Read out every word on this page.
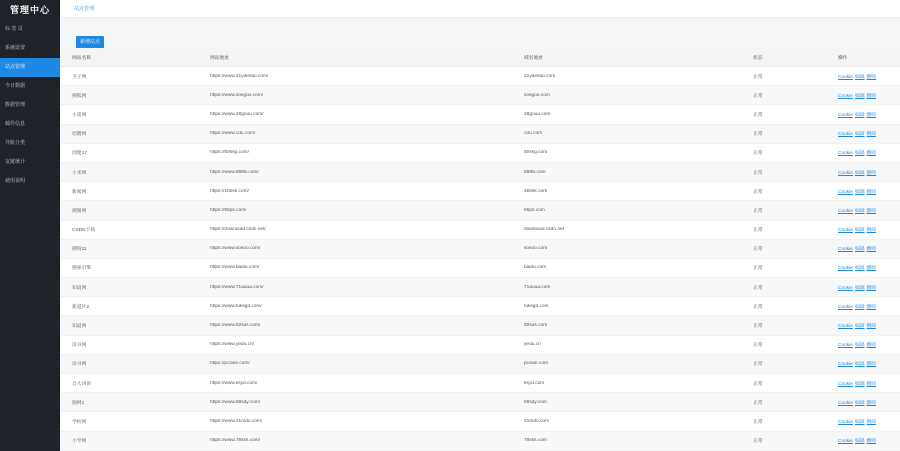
管理中心
标 签 页
系统设置
站点管理
今日数据
数据管理
邮件信息
导航分类
友链统计
使用说明
站点管理
新增站点
网站名称	网站地址	域名地址	状态	操作
卫子网	https://www.21yaesao.com/	21yaesao.com	正常	Cookie 编辑 删除
搜狐网	https://www.sosgoo.com/	sosgoo.com	正常	Cookie 编辑 删除
小雷网	https://www.28gouu.com/	28gouu.com	正常	Cookie 编辑 删除
招聘网	https://www.cdu.com/	cdu.com	正常	Cookie 编辑 删除
创建17	https://50ssg.com/	50ssg.com	正常	Cookie 编辑 删除
小米网	https://www.888lv.com/	888lv.com	正常	Cookie 编辑 删除
新闻网	https://1bbsk.com/	4bbsk.com	正常	Cookie 编辑 删除
搜图网	https://66ps.com/	66ps.com	正常	Cookie 编辑 删除
CSDN下载	https://download.csdn.net/	download.csdn.net	正常	Cookie 编辑 删除
搜狗11	https://www.sosoo.com/	sosoo.com	正常	Cookie 编辑 删除
搜索引擎	https://www.baidu.com/	baidu.com	正常	Cookie 编辑 删除
知道网	https://www.71auua.com/	71auua.com	正常	Cookie 编辑 删除
新道区2	https://www.fuksgd.com/	fuksgd.com	正常	Cookie 编辑 删除
知道网	https://www.92sus.com/	92sus.com	正常	Cookie 编辑 删除
读书网	https://www.yedu.cn/	yedu.cn	正常	Cookie 编辑 删除
读书网	https://pcswe.com/	pcswe.com	正常	Cookie 编辑 删除
自大讲讲	https://www.ksyd.com/	ksyd.com	正常	Cookie 编辑 删除
图网1	https://www.88sdy.com/	88sdy.com	正常	Cookie 编辑 删除
学校网	https://www.21mdo.com/	21mdo.com	正常	Cookie 编辑 删除
小学网	https://www.78sss.com/	78sss.com	正常	Cookie 编辑 删除
